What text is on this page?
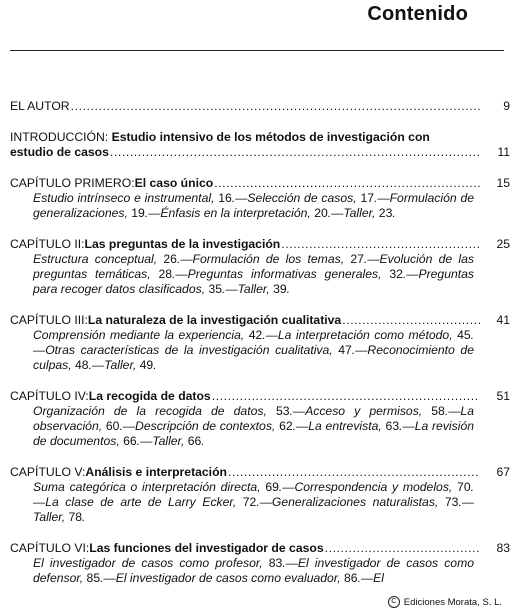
Contenido
EL AUTOR .....	9
INTRODUCCIÓN: Estudio intensivo de los métodos de investigación con
estudio de casos .....	11
CAPÍTULO PRIMERO: El caso único .....	15
Estudio intrínseco e instrumental, 16.—Selección de casos, 17.—Formulación de generalizaciones, 19.—Énfasis en la interpretación, 20.—Taller, 23.
CAPÍTULO II: Las preguntas de la investigación .....	25
Estructura conceptual, 26.—Formulación de los temas, 27.—Evolución de las preguntas temáticas, 28.—Preguntas informativas generales, 32.—Preguntas para recoger datos clasificados, 35.—Taller, 39.
CAPÍTULO III: La naturaleza de la investigación cualitativa .....	41
Comprensión mediante la experiencia, 42.—La interpretación como método, 45.—Otras características de la investigación cualitativa, 47.—Reconocimiento de culpas, 48.—Taller, 49.
CAPÍTULO IV: La recogida de datos .....	51
Organización de la recogida de datos, 53.—Acceso y permisos, 58.—La observación, 60.—Descripción de contextos, 62.—La entrevista, 63.—La revisión de documentos, 66.—Taller, 66.
CAPÍTULO V: Análisis e interpretación .....	67
Suma categórica o interpretación directa, 69.—Correspondencia y modelos, 70.—La clase de arte de Larry Ecker, 72.—Generalizaciones naturalistas, 73.—Taller, 78.
CAPÍTULO VI: Las funciones del investigador de casos .....	83
El investigador de casos como profesor, 83.—El investigador de casos como defensor, 85.—El investigador de casos como evaluador, 86.—El
C Ediciones Morata, S. L.
